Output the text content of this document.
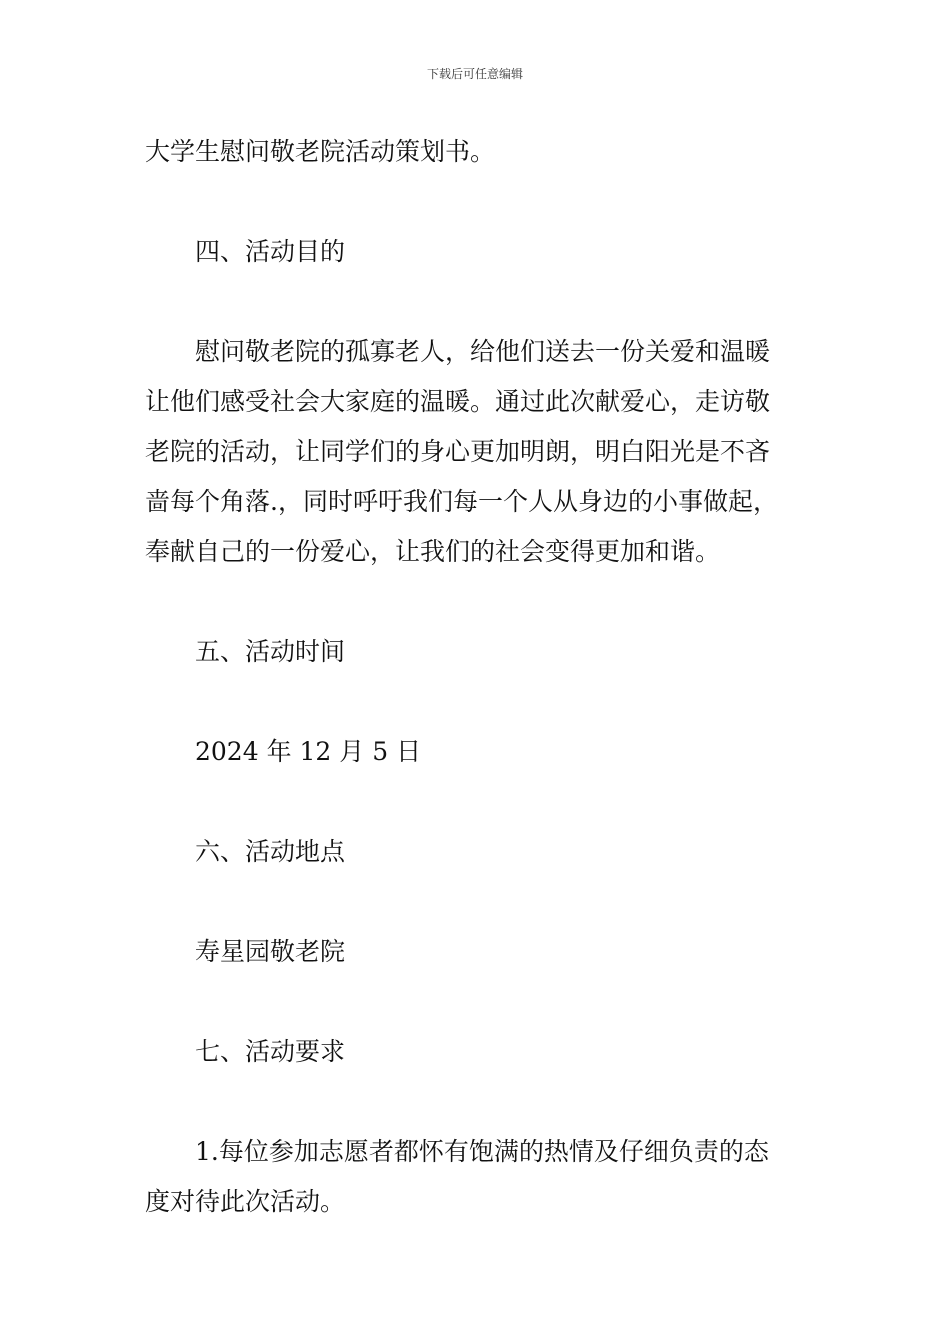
下载后可任意编辑

大学生慰问敬老院活动策划书。

四、活动目的

慰问敬老院的孤寡老人，给他们送去一份关爱和温暖
让他们感受社会大家庭的温暖。通过此次献爱心，走访敬
老院的活动，让同学们的身心更加明朗，明白阳光是不吝
啬每个角落.，同时呼吁我们每一个人从身边的小事做起，
奉献自己的一份爱心，让我们的社会变得更加和谐。

五、活动时间

2024 年 12 月 5 日

六、活动地点

寿星园敬老院

七、活动要求

1.每位参加志愿者都怀有饱满的热情及仔细负责的态
度对待此次活动。
